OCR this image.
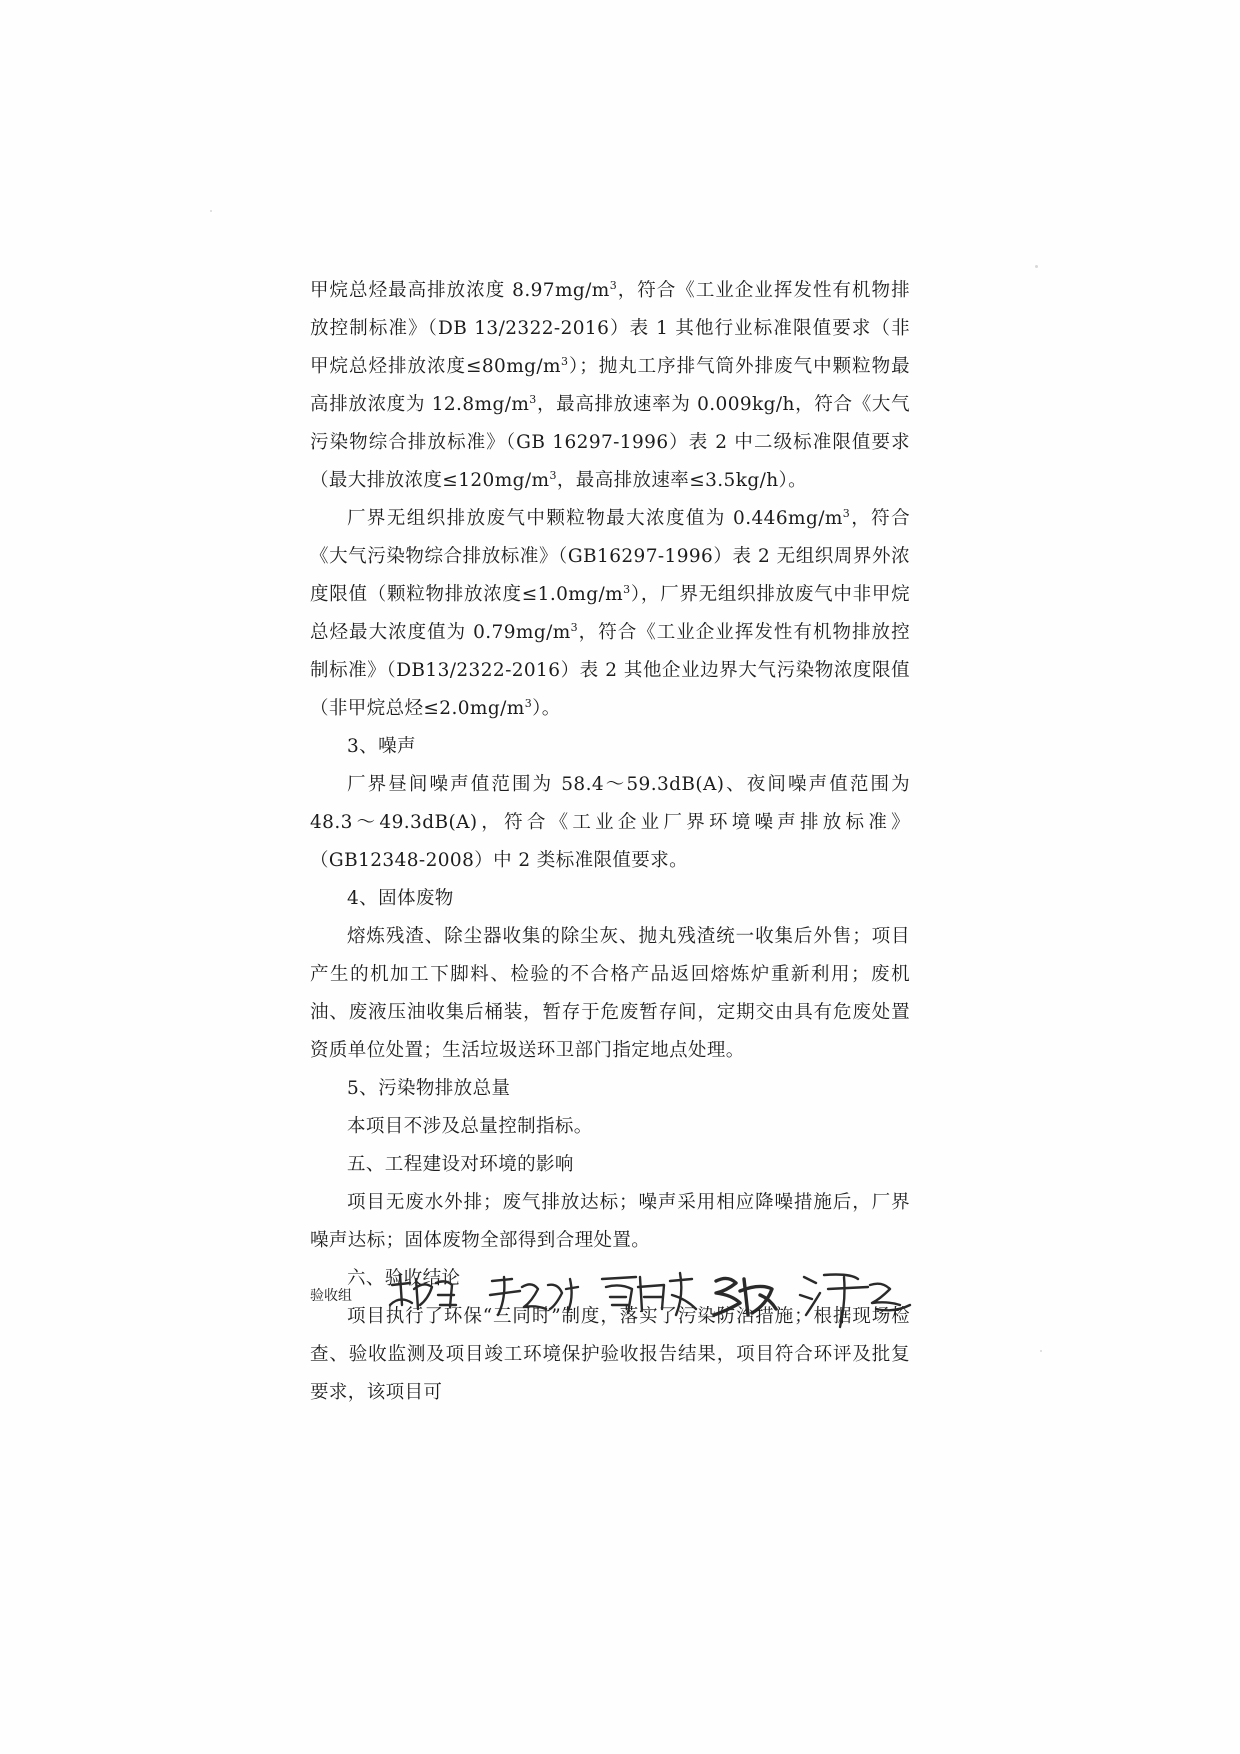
甲烷总烃最高排放浓度 $8.97mg/m^3$，符合《工业企业挥发性有机物排放控制标准》（DB 13/2322-2016）表 1 其他行业标准限值要求（非甲烷总烃排放浓度$\le 80mg/m^3$）；抛丸工序排气筒外排废气中颗粒物最高排放浓度为 $12.8mg/m^3$，最高排放速率为 0.009kg/h，符合《大气污染物综合排放标准》（GB 16297-1996）表 2 中二级标准限值要求（最大排放浓度$\le 120mg/m^3$，最高排放速率≤3.5kg/h）。

厂界无组织排放废气中颗粒物最大浓度值为 $0.446mg/m^3$，符合《大气污染物综合排放标准》（GB16297-1996）表 2 无组织周界外浓度限值（颗粒物排放浓度$\le 1.0mg/m^3$），厂界无组织排放废气中非甲烷总烃最大浓度值为 $0.79mg/m^3$，符合《工业企业挥发性有机物排放控制标准》（DB13/2322-2016）表 2 其他企业边界大气污染物浓度限值（非甲烷总烃$\le 2.0mg/m^3$）。

3、噪声

厂界昼间噪声值范围为 58.4～59.3dB(A)、夜间噪声值范围为 48.3～49.3dB(A)，符合《工业企业厂界环境噪声排放标准》（GB12348-2008）中 2 类标准限值要求。

4、固体废物

熔炼残渣、除尘器收集的除尘灰、抛丸残渣统一收集后外售；项目产生的机加工下脚料、检验的不合格产品返回熔炼炉重新利用；废机油、废液压油收集后桶装，暂存于危废暂存间，定期交由具有危废处置资质单位处置；生活垃圾送环卫部门指定地点处理。

5、污染物排放总量

本项目不涉及总量控制指标。

五、工程建设对环境的影响

项目无废水外排；废气排放达标；噪声采用相应降噪措施后，厂界噪声达标；固体废物全部得到合理处置。

六、验收结论

项目执行了环保“三同时”制度，落实了污染防治措施；根据现场检查、验收监测及项目竣工环境保护验收报告结果，项目符合环评及批复要求，该项目可

验收组
